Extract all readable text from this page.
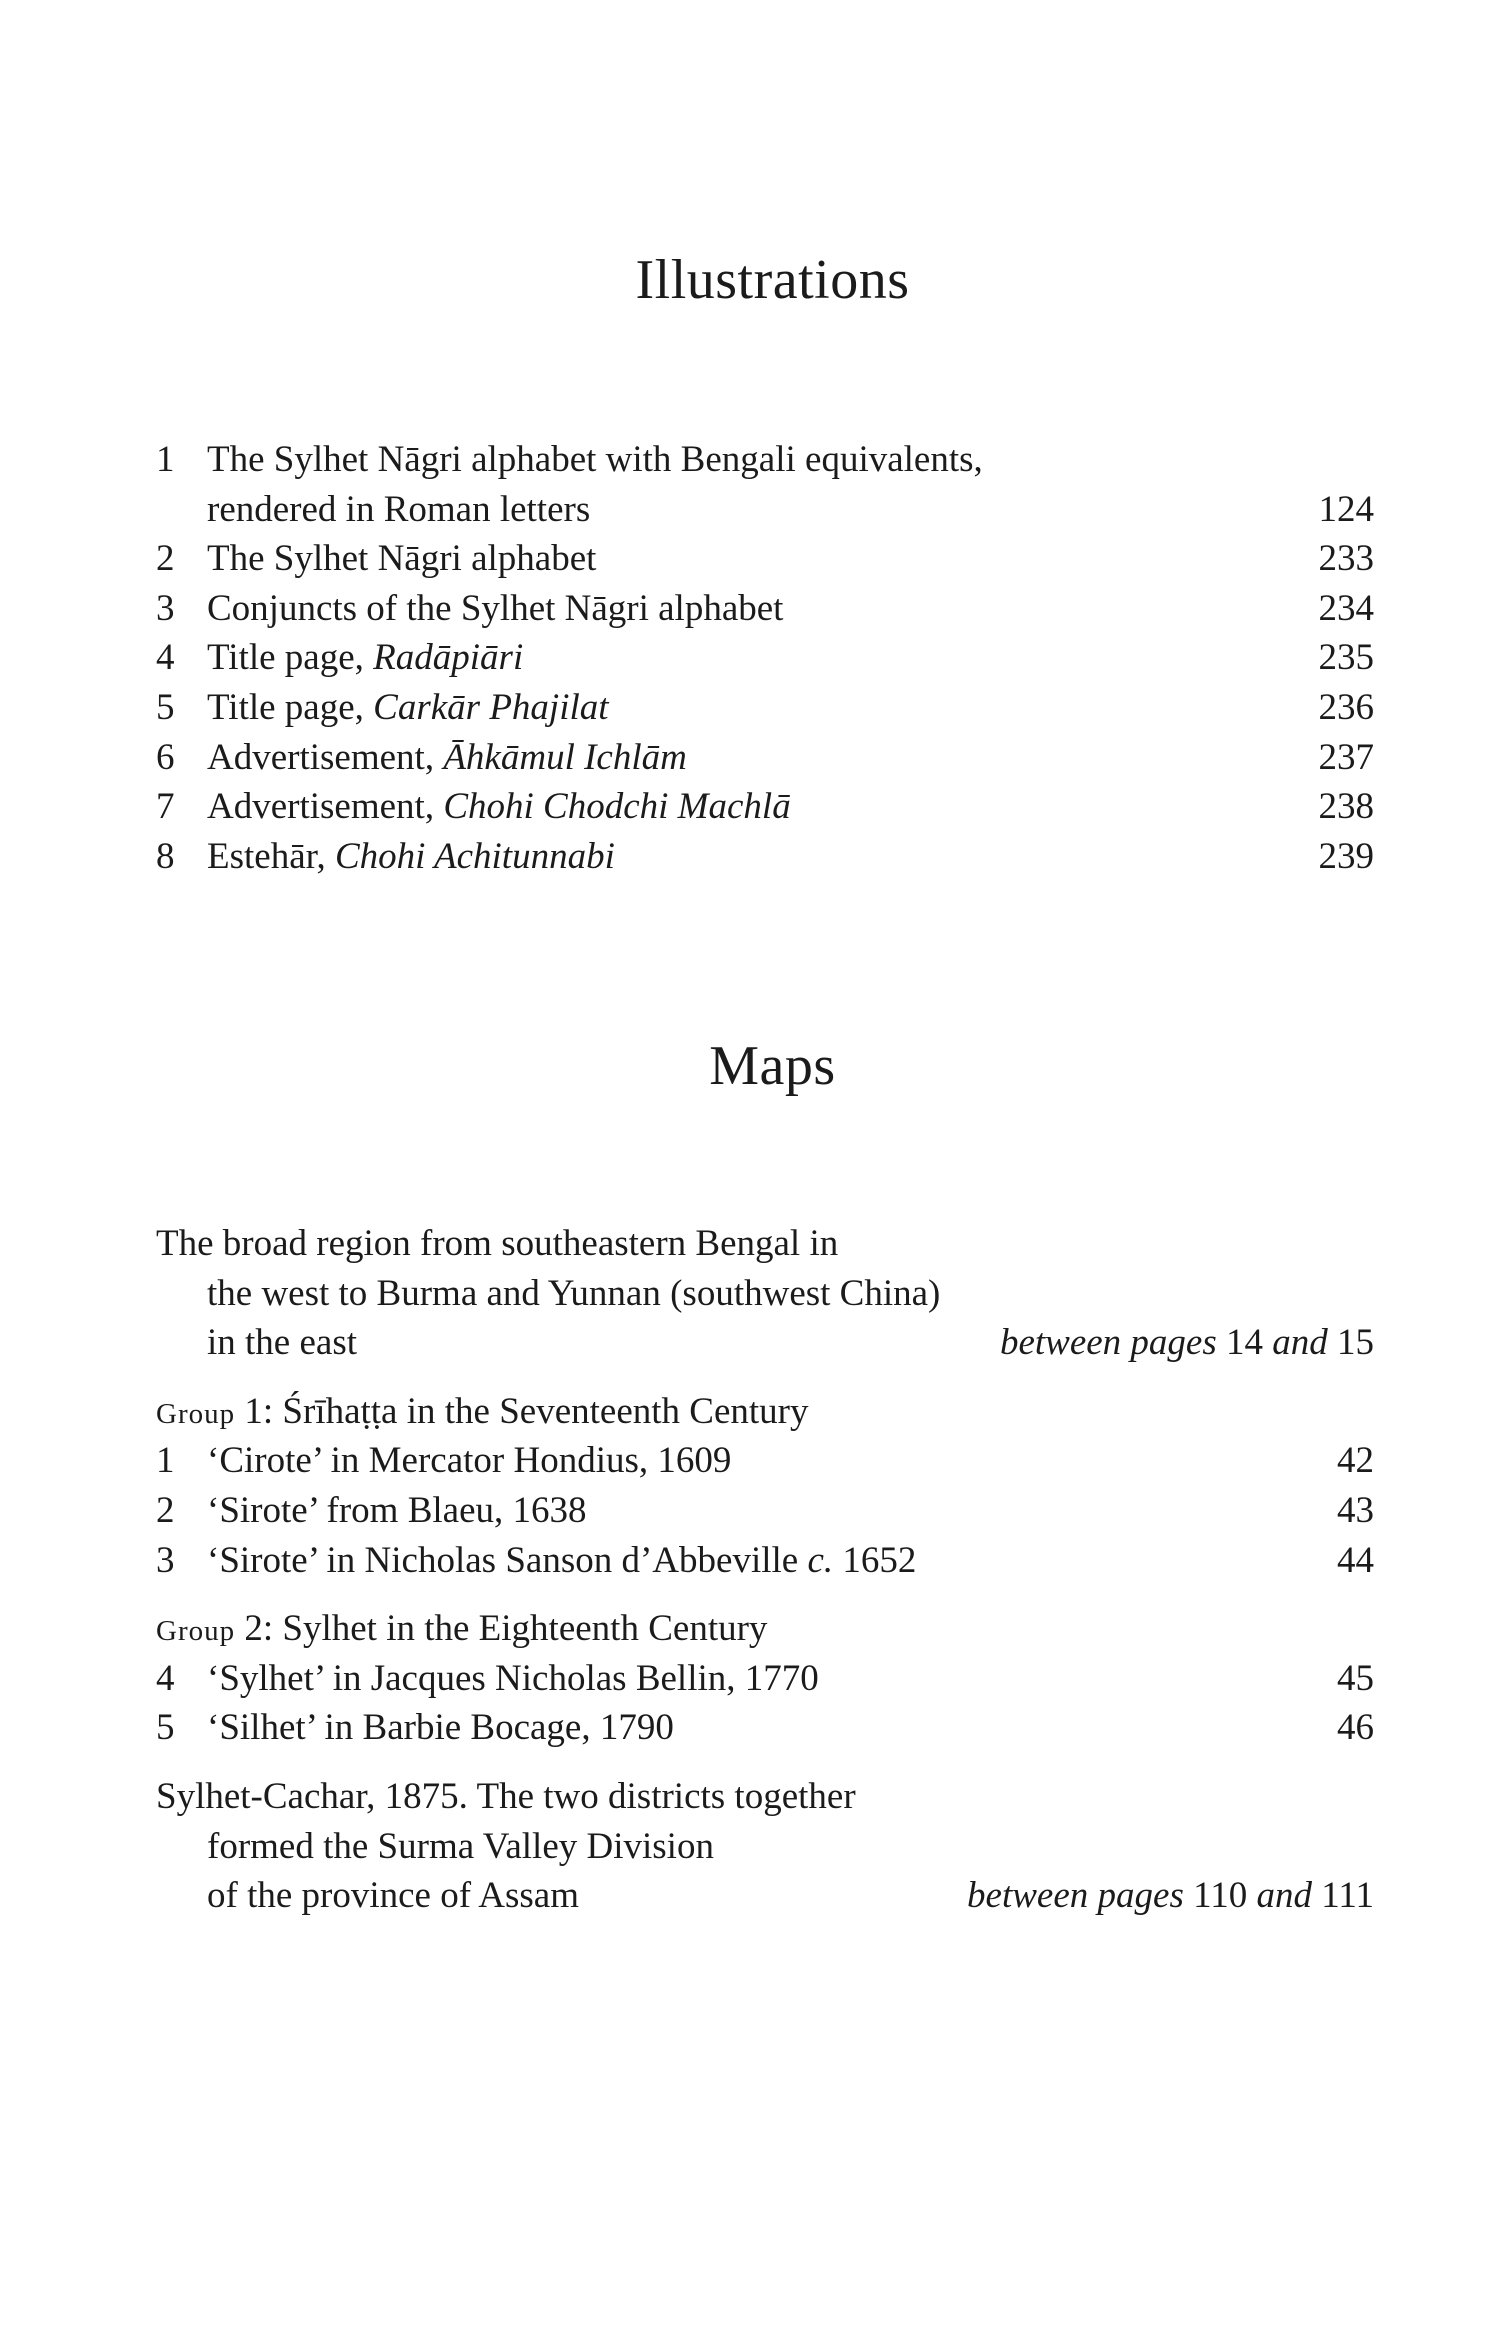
Illustrations
1 The Sylhet Nāgri alphabet with Bengali equivalents,
rendered in Roman letters	124
2 The Sylhet Nāgri alphabet	233
3 Conjuncts of the Sylhet Nāgri alphabet	234
4 Title page, Radāpiāri	235
5 Title page, Carkār Phajilat	236
6 Advertisement, Āhkāmul Ichlām	237
7 Advertisement, Chohi Chodchi Machlā	238
8 Estehār, Chohi Achitunnabi	239
Maps
The broad region from southeastern Bengal in
the west to Burma and Yunnan (southwest China)
in the east	between pages 14 and 15
Group 1: Śrīhaṭṭa in the Seventeenth Century
1 ‘Cirote’ in Mercator Hondius, 1609	42
2 ‘Sirote’ from Blaeu, 1638	43
3 ‘Sirote’ in Nicholas Sanson d’Abbeville c. 1652	44
Group 2: Sylhet in the Eighteenth Century
4 ‘Sylhet’ in Jacques Nicholas Bellin, 1770	45
5 ‘Silhet’ in Barbie Bocage, 1790	46
Sylhet-Cachar, 1875. The two districts together
formed the Surma Valley Division
of the province of Assam	between pages 110 and 111
